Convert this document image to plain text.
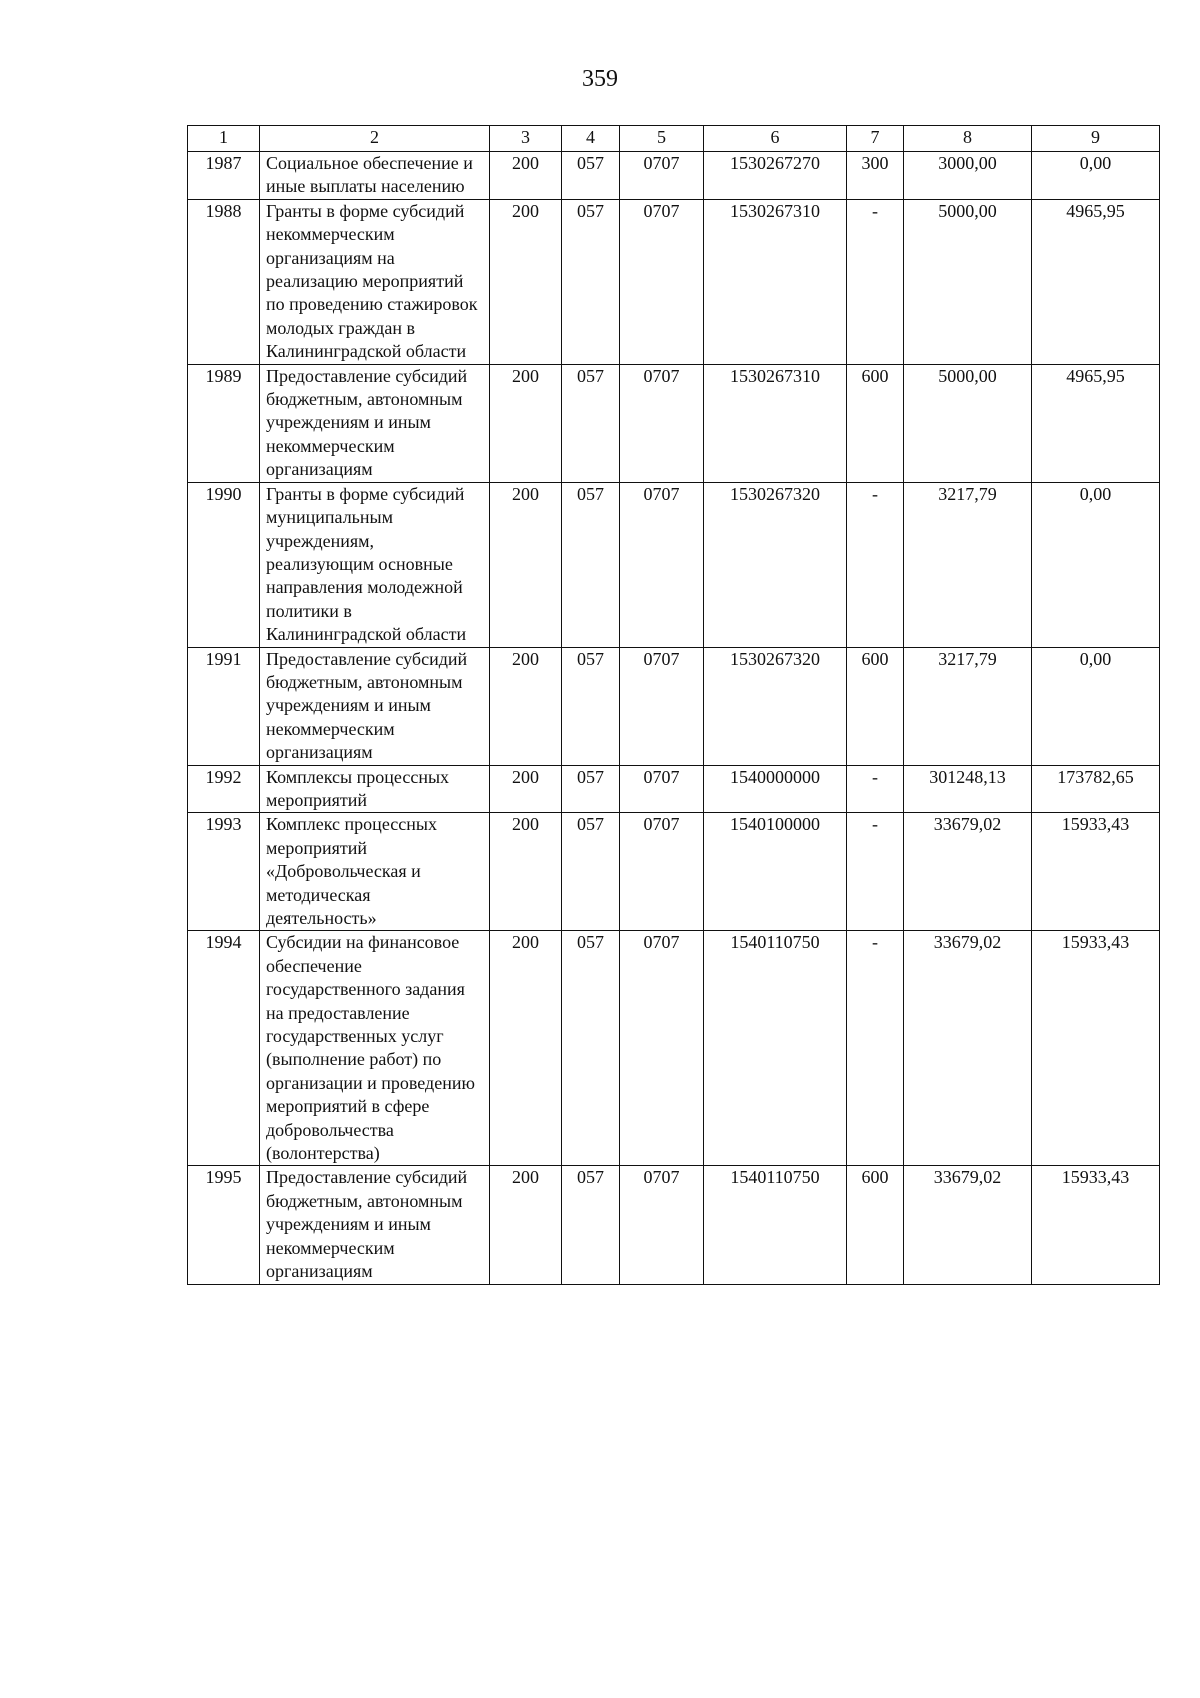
359
1	2	3	4	5	6	7	8	9
1987	Социальное обеспечение и иные выплаты населению	200	057	0707	1530267270	300	3000,00	0,00
1988	Гранты в форме субсидий некоммерческим организациям на реализацию мероприятий по проведению стажировок молодых граждан в Калининградской области	200	057	0707	1530267310	-	5000,00	4965,95
1989	Предоставление субсидий бюджетным, автономным учреждениям и иным некоммерческим организациям	200	057	0707	1530267310	600	5000,00	4965,95
1990	Гранты в форме субсидий муниципальным учреждениям, реализующим основные направления молодежной политики в Калининградской области	200	057	0707	1530267320	-	3217,79	0,00
1991	Предоставление субсидий бюджетным, автономным учреждениям и иным некоммерческим организациям	200	057	0707	1530267320	600	3217,79	0,00
1992	Комплексы процессных мероприятий	200	057	0707	1540000000	-	301248,13	173782,65
1993	Комплекс процессных мероприятий «Добровольческая и методическая деятельность»	200	057	0707	1540100000	-	33679,02	15933,43
1994	Субсидии на финансовое обеспечение государственного задания на предоставление государственных услуг (выполнение работ) по организации и проведению мероприятий в сфере добровольчества (волонтерства)	200	057	0707	1540110750	-	33679,02	15933,43
1995	Предоставление субсидий бюджетным, автономным учреждениям и иным некоммерческим организациям	200	057	0707	1540110750	600	33679,02	15933,43
